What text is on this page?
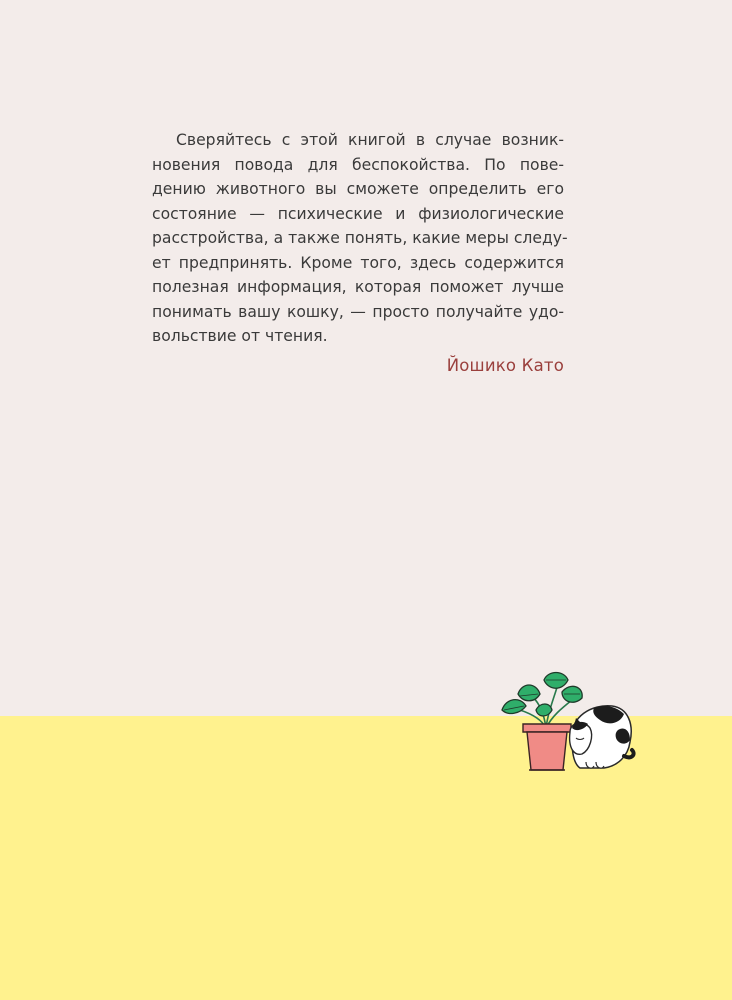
Сверяйтесь с этой книгой в случае возник-
новения повода для беспокойства. По пове-
дению животного вы сможете определить его
состояние — психические и физиологические
расстройства, а также понять, какие меры следу-
ет предпринять. Кроме того, здесь содержится
полезная информация, которая поможет лучше
понимать вашу кошку, — просто получайте удо-
вольствие от чтения.
Йошико Като
